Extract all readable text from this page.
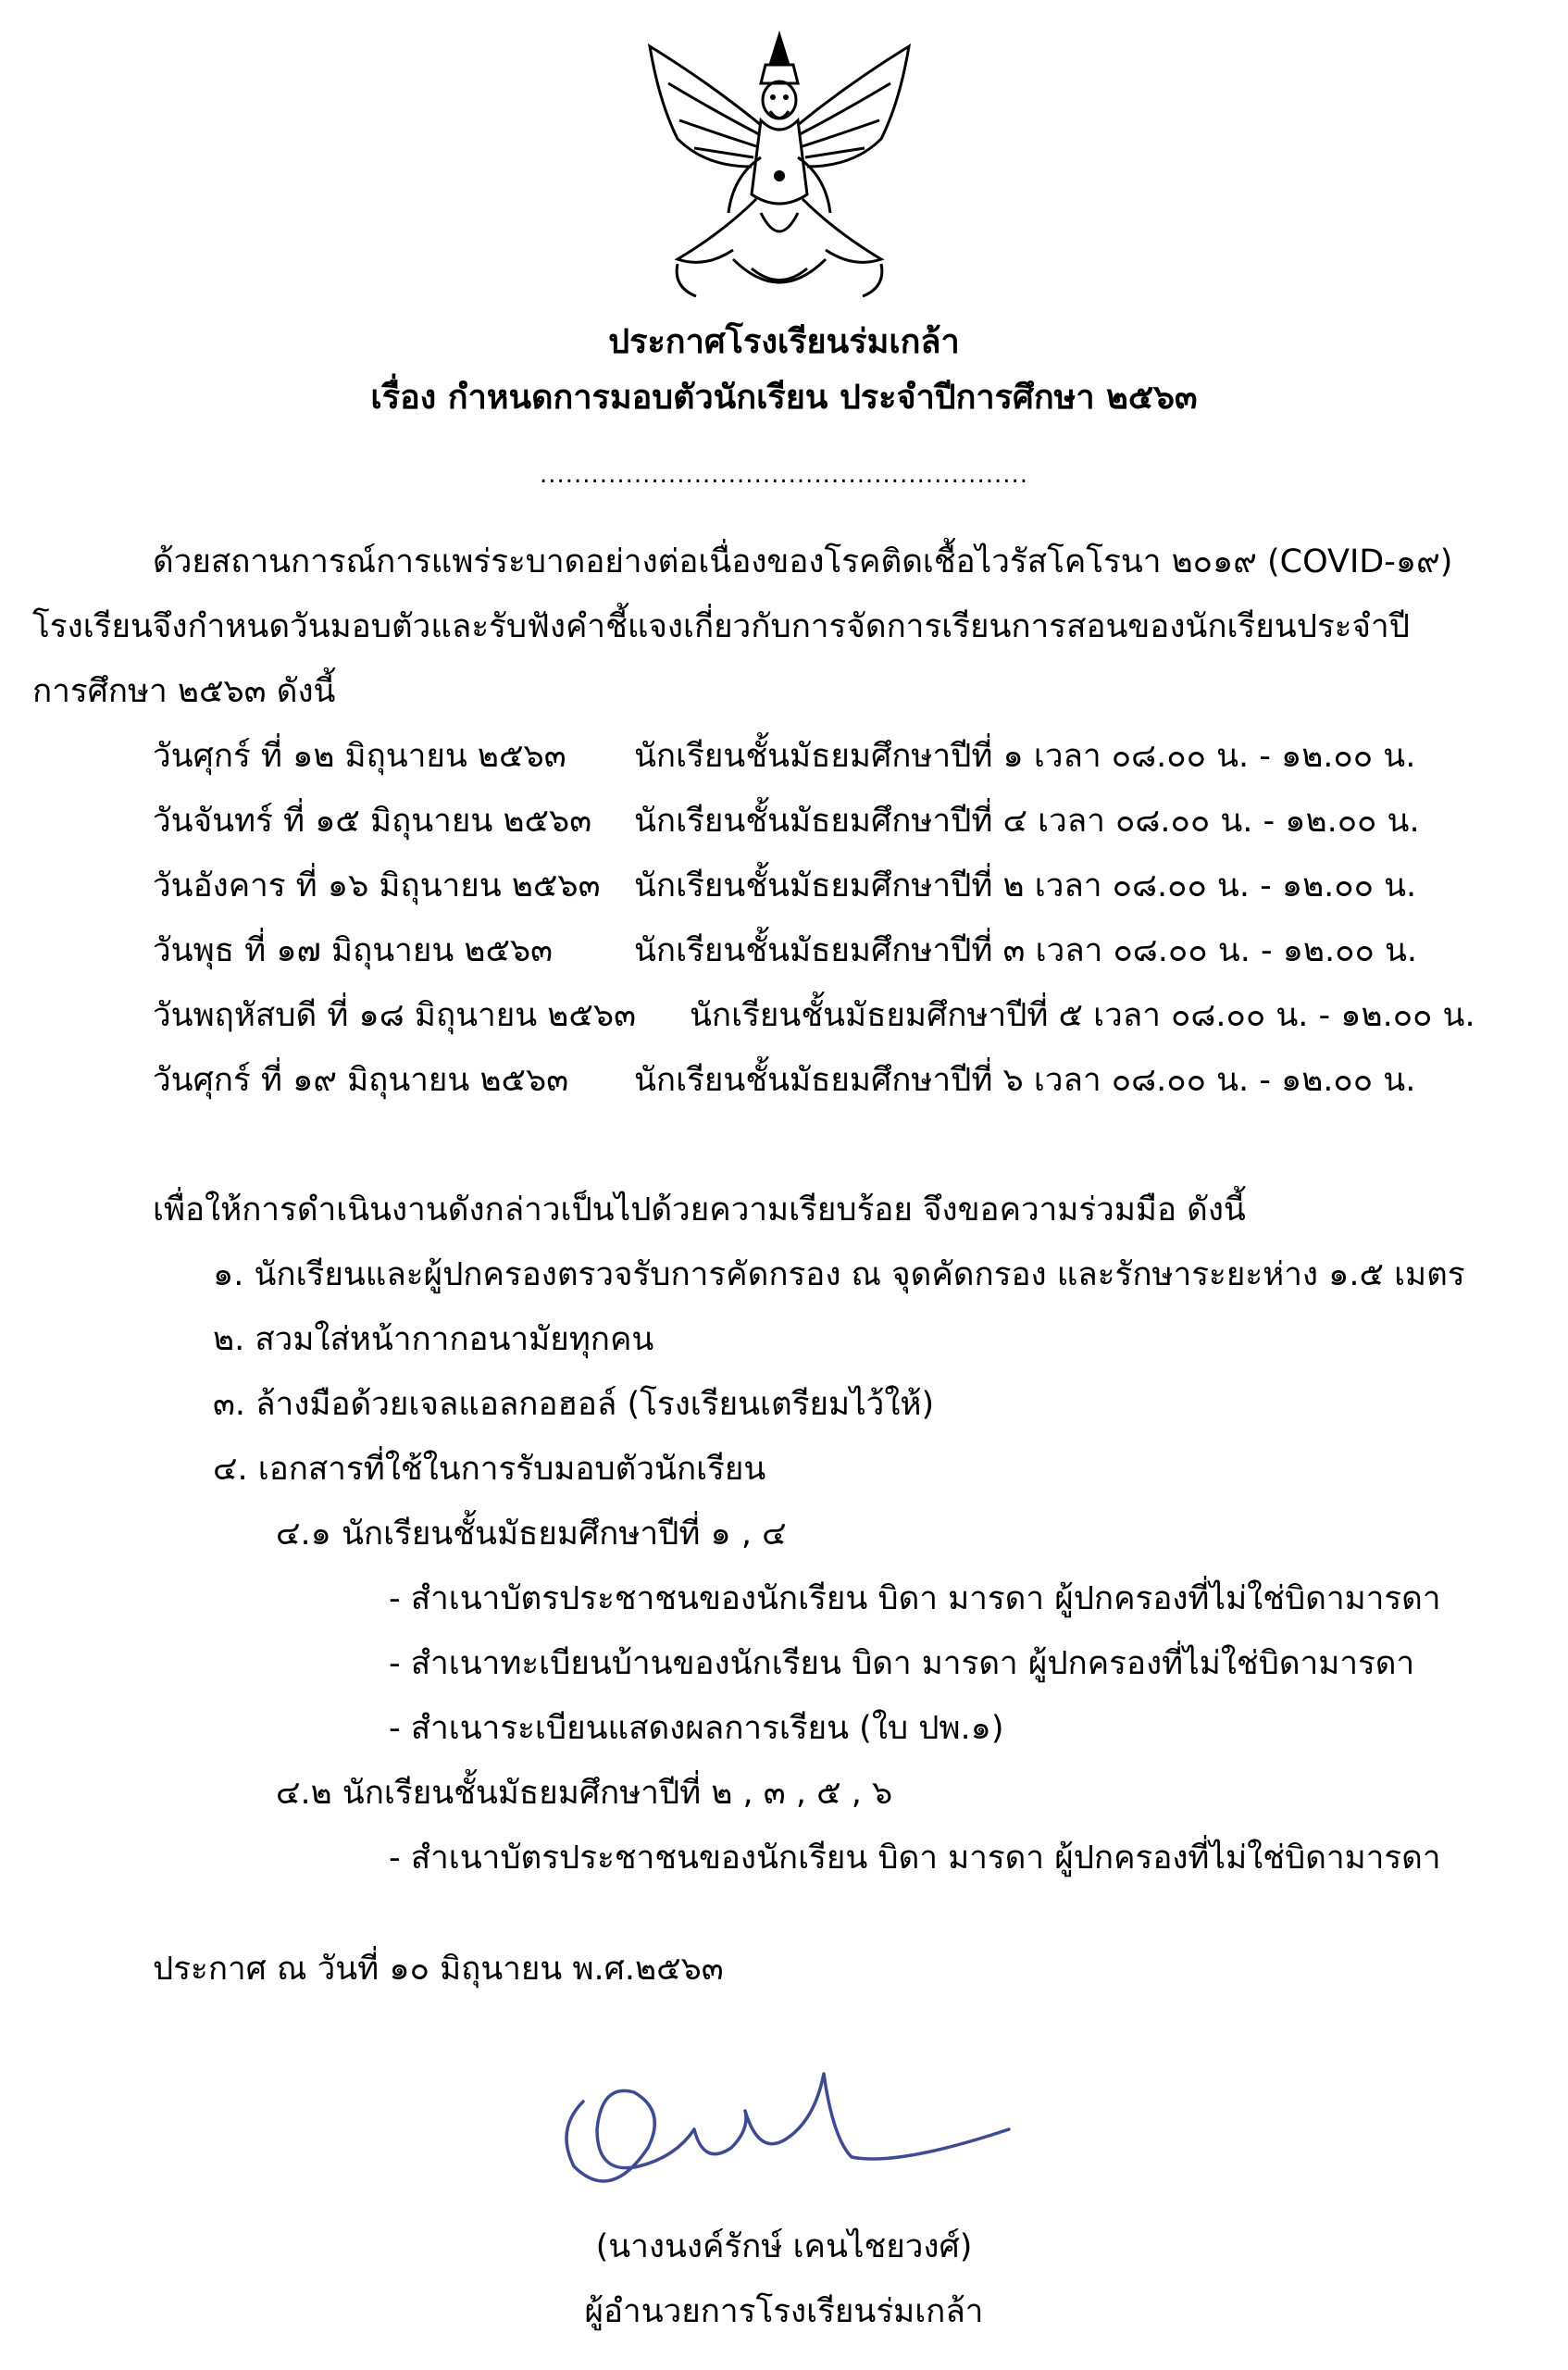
ประกาศโรงเรียนร่มเกล้า
เรื่อง กำหนดการมอบตัวนักเรียน ประจำปีการศึกษา ๒๕๖๓
.........................................................
ด้วยสถานการณ์การแพร่ระบาดอย่างต่อเนื่องของโรคติดเชื้อไวรัสโคโรนา ๒๐๑๙ (COVID-๑๙)
โรงเรียนจึงกำหนดวันมอบตัวและรับฟังคำชี้แจงเกี่ยวกับการจัดการเรียนการสอนของนักเรียนประจำปี
การศึกษา ๒๕๖๓ ดังนี้
วันศุกร์ ที่ ๑๒ มิถุนายน ๒๕๖๓ นักเรียนชั้นมัธยมศึกษาปีที่ ๑ เวลา ๐๘.๐๐ น. - ๑๒.๐๐ น.
วันจันทร์ ที่ ๑๕ มิถุนายน ๒๕๖๓ นักเรียนชั้นมัธยมศึกษาปีที่ ๔ เวลา ๐๘.๐๐ น. - ๑๒.๐๐ น.
วันอังคาร ที่ ๑๖ มิถุนายน ๒๕๖๓ นักเรียนชั้นมัธยมศึกษาปีที่ ๒ เวลา ๐๘.๐๐ น. - ๑๒.๐๐ น.
วันพุธ ที่ ๑๗ มิถุนายน ๒๕๖๓	นักเรียนชั้นมัธยมศึกษาปีที่ ๓ เวลา ๐๘.๐๐ น. - ๑๒.๐๐ น.
วันพฤหัสบดี ที่ ๑๘ มิถุนายน ๒๕๖๓ นักเรียนชั้นมัธยมศึกษาปีที่ ๕ เวลา ๐๘.๐๐ น. - ๑๒.๐๐ น.
วันศุกร์ ที่ ๑๙ มิถุนายน ๒๕๖๓ นักเรียนชั้นมัธยมศึกษาปีที่ ๖ เวลา ๐๘.๐๐ น. - ๑๒.๐๐ น.
เพื่อให้การดำเนินงานดังกล่าวเป็นไปด้วยความเรียบร้อย จึงขอความร่วมมือ ดังนี้
๑. นักเรียนและผู้ปกครองตรวจรับการคัดกรอง ณ จุดคัดกรอง และรักษาระยะห่าง ๑.๕ เมตร
๒. สวมใส่หน้ากากอนามัยทุกคน
๓. ล้างมือด้วยเจลแอลกอฮอล์ (โรงเรียนเตรียมไว้ให้)
๔. เอกสารที่ใช้ในการรับมอบตัวนักเรียน
๔.๑ นักเรียนชั้นมัธยมศึกษาปีที่ ๑ , ๔
- สำเนาบัตรประชาชนของนักเรียน บิดา มารดา ผู้ปกครองที่ไม่ใช่บิดามารดา
- สำเนาทะเบียนบ้านของนักเรียน บิดา มารดา ผู้ปกครองที่ไม่ใช่บิดามารดา
- สำเนาระเบียนแสดงผลการเรียน (ใบ ปพ.๑)
๔.๒ นักเรียนชั้นมัธยมศึกษาปีที่ ๒ , ๓ , ๕ , ๖
- สำเนาบัตรประชาชนของนักเรียน บิดา มารดา ผู้ปกครองที่ไม่ใช่บิดามารดา
ประกาศ ณ วันที่ ๑๐ มิถุนายน พ.ศ.๒๕๖๓
(นางนงค์รักษ์ เคนไชยวงศ์)
ผู้อำนวยการโรงเรียนร่มเกล้า
